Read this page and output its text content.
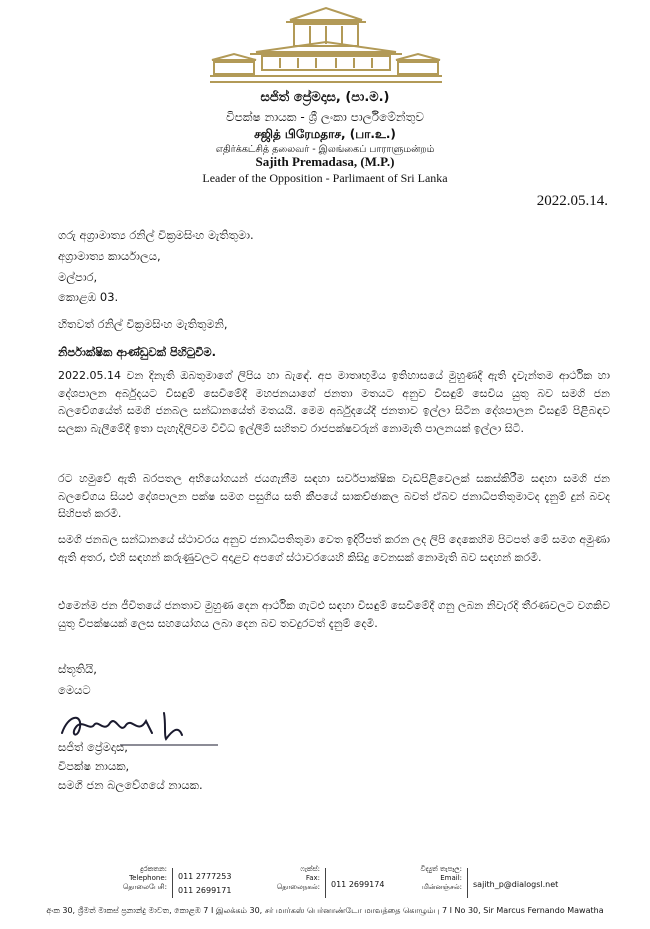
සජිත් ප්‍රේමදාස, (පා.ම.)
විපක්ෂ නායක - ශ්‍රී ලංකා පාර්ලිමේන්තුව
சஜித் பிரேமதாச, (பா.உ.)
எதிர்க்கட்சித் தலைவர் - இலங்கைப் பாராளுமன்றம்
Sajith Premadasa, (M.P.)
Leader of the Opposition - Parlimaent of Sri Lanka
2022.05.14.
ගරු අග්‍රාමාත්‍ය රනිල් වික්‍රමසිංහ මැතිතුමා.
අග්‍රාමාත්‍ය කාර්යාලය,
මල්පාර,
කොළඹ 03.
හිතවත් රනිල් වික්‍රමසිංහ මැතිතුමනි,
නිර්පාක්ෂික ආණ්ඩුවක් පිහිටුවීම.

2022.05.14 වන දිනැති ඔබතුමාගේ ලිපිය හා බැඳේ. අප මාතෘභූමිය ඉතිහාසයේ මුහුණදී ඇති දැවැන්තම ආර්ථික හා දේශපාලන අර්බුදයට විසඳුම් සෙවීමේදී මහජනයාගේ ජනතා මතයට අනුව විසඳුම් සෙවිය යුතු බව සමගි ජන බලවේගයේත් සමගි ජනබල සන්ධානයේත් මතයයි. මෙම අර්බුදයේදී ජනතාව ඉල්ලා සිටින දේශපාලන විසඳුම් පිළිබඳව සලකා බැලීමේදී ඉතා පැහැදිලිවම විවිධ ඉල්ලීම් සහිතව රාජපක්ෂවරුන් නොමැති පාලනයක් ඉල්ලා සිටී.

රට හමුවේ ඇති බරපතල අභියෝගයන් ජයගැනීම සඳහා සර්වපාක්ෂික වැඩපිළිවෙලක් සකස්කිරීම සඳහා සමගි ජන බලවේගය සියළු දේශපාලන පක්ෂ සමග පසුගිය සති කීපයේ සාකච්ඡාකල බවත් ඒබව ජනාධිපතිතුමාටද දැනුම් දුන් බවද සිහිපත් කරමි.

සමගි ජනබල සන්ධානයේ ස්ථාවරය අනුව ජනාධිපතිතුමා වෙත ඉදිරිපත් කරන ලද ලිපි දෙකෙහිම පිටපත් මේ සමග අමුණා ඇති අතර, එහි සඳහන් කරුණුවලට අදාළව අපගේ ස්ථාවරයෙහි කිසිදු වෙනසක් නොමැති බව සඳහන් කරමි.

එමෙන්ම ජන ජීවිතයේ ජනතාව මුහුණ දෙන ආර්ථික ගැටළු සඳහා විසඳුම් සෙවීමේදී ගනු ලබන නිවැරදි තීරණවලට වගකිව යුතු විපක්ෂයක් ලෙස සහයෝගය ලබා දෙන බව තවදුරටත් දැනුම් දෙමි.

ස්තූතියි,
මෙයට
සජිත් ප්‍රේමදාස,
විපක්ෂ නායක,
සමගි ජන බලවේගයේ නායක.
දුරකතන:
Telephone:
தொலைபேசி:
011 2777253
011 2699171
ෆැක්ස්:
Fax:
தொலைநகல்: 011 2699174
විද්‍යුත් තැපෑල:
Email:
மின்னஞ்சல்: sajith_p@dialogsl.net
අංක 30, ශ්‍රීමත් මාකස් ප්‍රනාන්දු මාවත, කොළඹ 7 I இலக்கம் 30, சர் மார்கஸ் பெர்னாண்டோ மாவத்தை கொழும்பு 7 I No 30, Sir Marcus Fernando Mawatha
